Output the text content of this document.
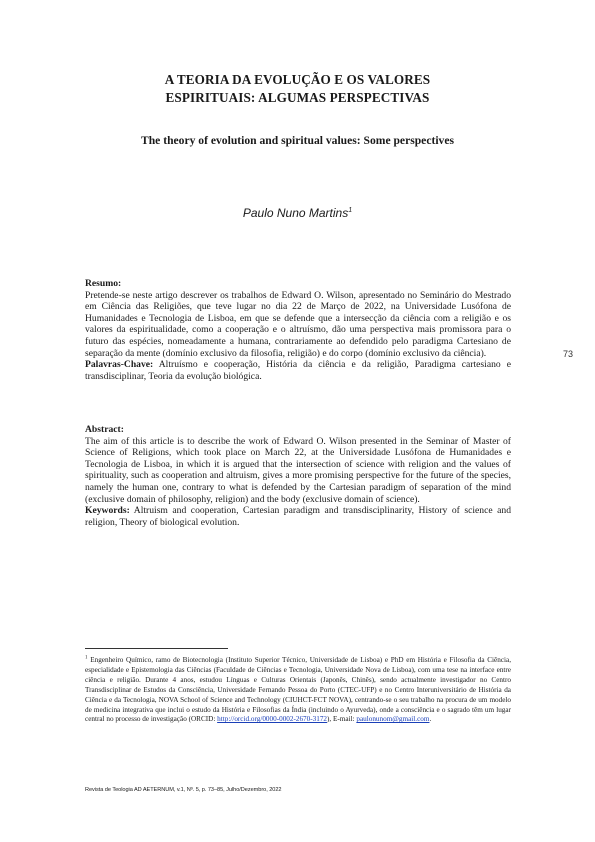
A TEORIA DA EVOLUÇÃO E OS VALORES
ESPIRITUAIS: ALGUMAS PERSPECTIVAS
The theory of evolution and spiritual values: Some perspectives
Paulo Nuno Martins$^1$
Resumo:
Pretende-se neste artigo descrever os trabalhos de Edward O. Wilson, apresentado no Seminário do Mestrado em Ciência das Religiões, que teve lugar no dia 22 de Março de 2022, na Universidade Lusófona de Humanidades e Tecnologia de Lisboa, em que se defende que a intersecção da ciência com a religião e os valores da espiritualidade, como a cooperação e o altruísmo, dão uma perspectiva mais promissora para o futuro das espécies, nomeadamente a humana, contrariamente ao defendido pelo paradigma Cartesiano de separação da mente (domínio exclusivo da filosofia, religião) e do corpo (domínio exclusivo da ciência).
Palavras-Chave: Altruísmo e cooperação, História da ciência e da religião, Paradigma cartesiano e transdisciplinar, Teoria da evolução biológica.
73
Abstract:
The aim of this article is to describe the work of Edward O. Wilson presented in the Seminar of Master of Science of Religions, which took place on March 22, at the Universidade Lusófona de Humanidades e Tecnologia de Lisboa, in which it is argued that the intersection of science with religion and the values of spirituality, such as cooperation and altruism, gives a more promising perspective for the future of the species, namely the human one, contrary to what is defended by the Cartesian paradigm of separation of the mind (exclusive domain of philosophy, religion) and the body (exclusive domain of science).
Keywords: Altruism and cooperation, Cartesian paradigm and transdisciplinarity, History of science and religion, Theory of biological evolution.
$^1$ Engenheiro Químico, ramo de Biotecnologia (Instituto Superior Técnico, Universidade de Lisboa) e PhD em História e Filosofia da Ciência, especialidade e Epistemologia das Ciências (Faculdade de Ciências e Tecnologia, Universidade Nova de Lisboa), com uma tese na interface entre ciência e religião. Durante 4 anos, estudou Línguas e Culturas Orientais (Japonês, Chinês), sendo actualmente investigador no Centro Transdisciplinar de Estudos da Consciência, Universidade Fernando Pessoa do Porto (CTEC-UFP) e no Centro Interuniversitário de História da Ciência e da Tecnologia, NOVA School of Science and Technology (CIUHCT-FCT NOVA), centrando-se o seu trabalho na procura de um modelo de medicina integrativa que inclui o estudo da História e Filosofias da Índia (incluindo o Ayurveda), onde a consciência e o sagrado têm um lugar central no processo de investigação (ORCID: http://orcid.org/0000-0002-2670-3172), E-mail: paulonunom@gmail.com.
Revista de Teologia AD AETERNUM, v.1, Nº. 5, p. 73–85, Julho/Dezembro, 2022
